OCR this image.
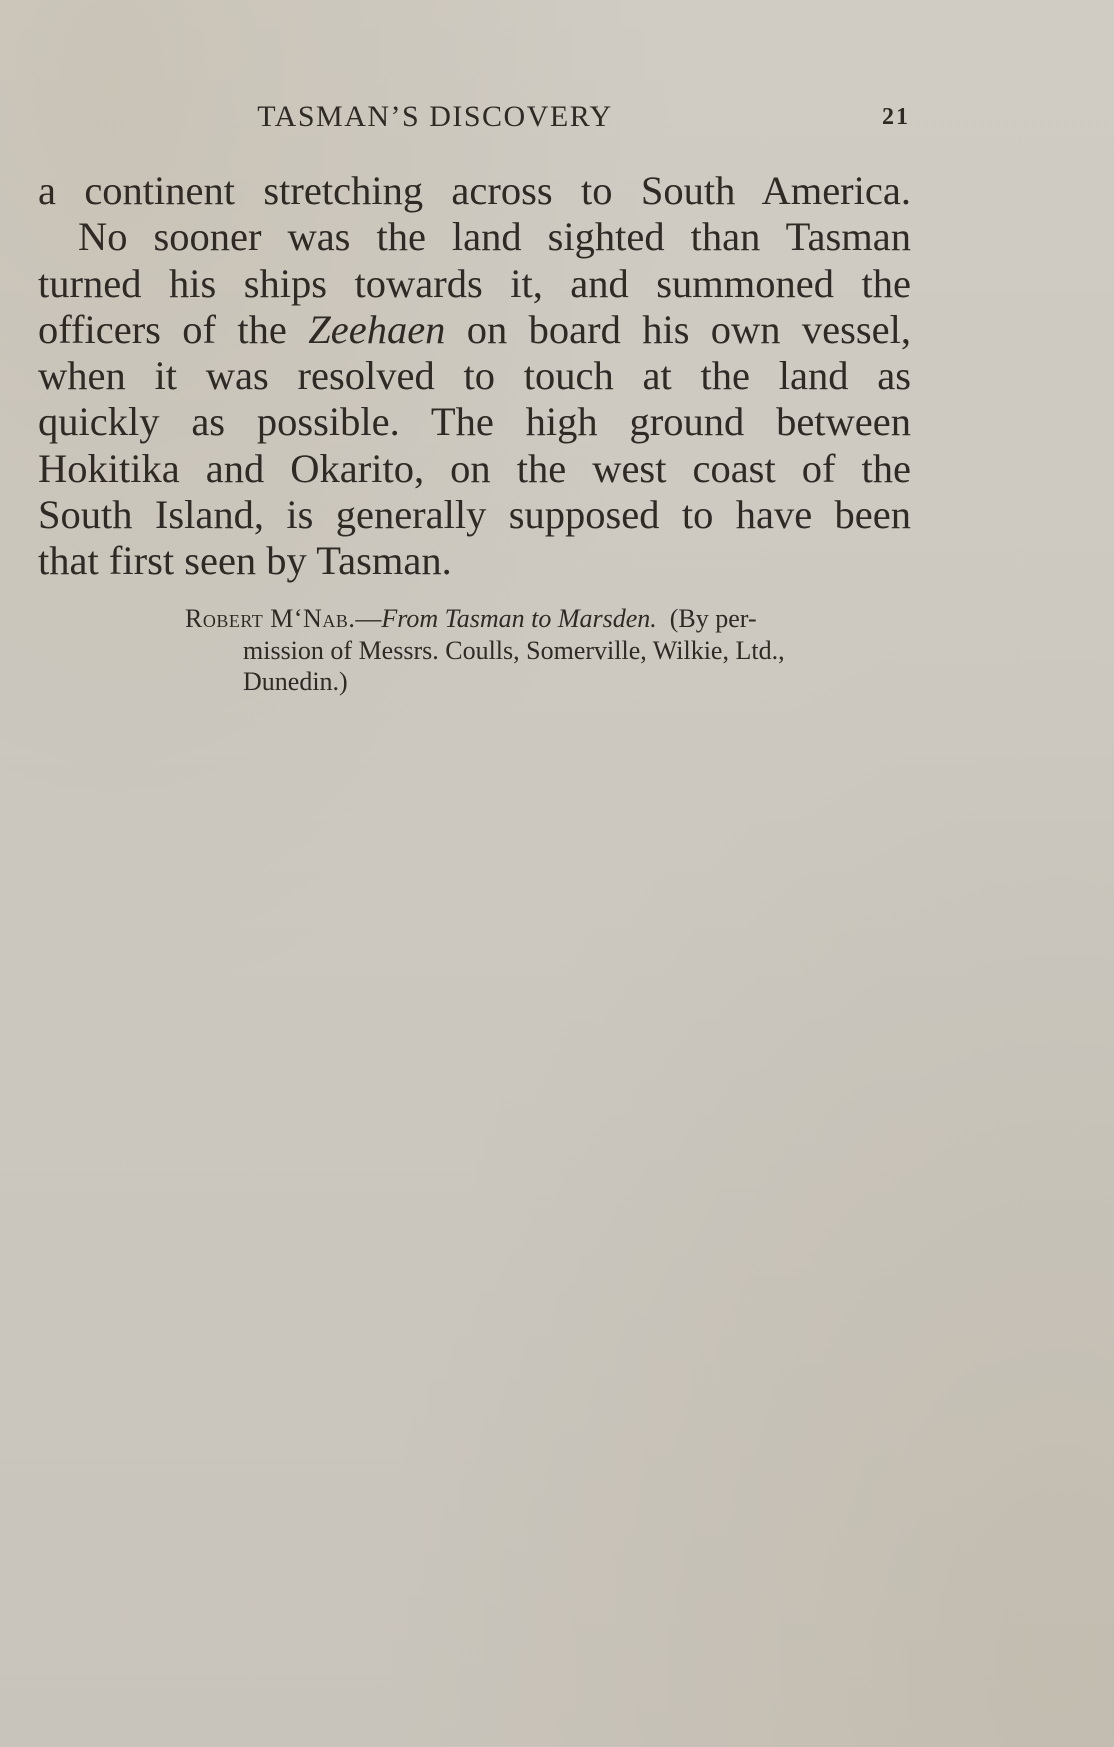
TASMAN’S DISCOVERY	21
a continent stretching across to South America.
No sooner was the land sighted than Tasman
turned his ships towards it, and summoned the
officers of the Zeehaen on board his own vessel,
when it was resolved to touch at the land as
quickly as possible. The high ground between
Hokitika and Okarito, on the west coast of the
South Island, is generally supposed to have been
that first seen by Tasman.
Robert M‘Nab.—From Tasman to Marsden. (By per-
mission of Messrs. Coulls, Somerville, Wilkie, Ltd.,
Dunedin.)
